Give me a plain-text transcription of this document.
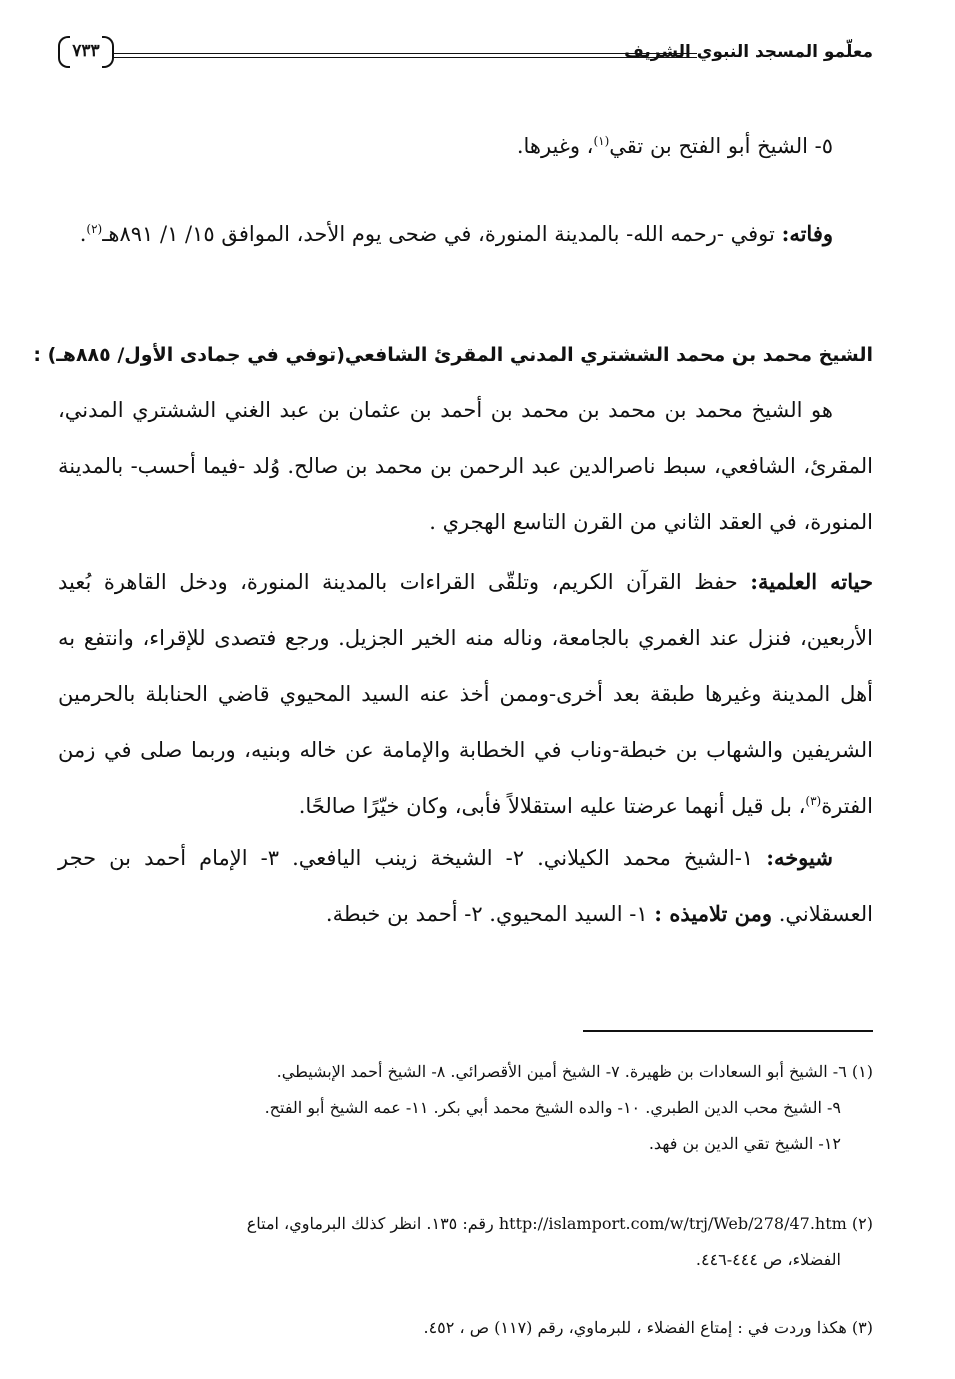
معلّمو المسجد النبوي الشريف
٧٣٣
٥- الشيخ أبو الفتح بن تقي$^{(١)}$، وغيرها.
وفاته: توفي -رحمه الله- بالمدينة المنورة، في ضحى يوم الأحد، الموافق ١٥/ ١/ ٨٩١هـ$^{(٢)}$.
الشيخ محمد بن محمد الششتري المدني المقرئ الشافعي(توفي في جمادى الأول/ ٨٨٥هـ) :
هو الشيخ محمد بن محمد بن محمد بن أحمد بن عثمان بن عبد الغني الششتري المدني، المقرئ، الشافعي، سبط ناصرالدين عبد الرحمن بن محمد بن صالح. وُلد -فيما أحسب- بالمدينة المنورة، في العقد الثاني من القرن التاسع الهجري .
حياته العلمية: حفظ القرآن الكريم، وتلقّى القراءات بالمدينة المنورة، ودخل القاهرة بُعيد الأربعين، فنزل عند الغمري بالجامعة، وناله منه الخير الجزيل. ورجع فتصدى للإقراء، وانتفع به أهل المدينة وغيرها طبقة بعد أخرى-وممن أخذ عنه السيد المحيوي قاضي الحنابلة بالحرمين الشريفين والشهاب بن خبطة-وناب في الخطابة والإمامة عن خاله وبنيه، وربما صلى في زمن الفترة$^{(٣)}$، بل قيل أنهما عرضتا عليه استقلالاً فأبى، وكان خيّرًا صالحًا.
شيوخه: ١-الشيخ محمد الكيلاني. ٢- الشيخة زينب اليافعي. ٣- الإمام أحمد بن حجر العسقلاني. ومن تلاميذه : ١- السيد المحيوي. ٢- أحمد بن خبطة.
(١) ٦- الشيخ أبو السعادات بن ظهيرة. ٧- الشيخ أمين الأقصرائي. ٨- الشيخ أحمد الإبشيطي.
٩- الشيخ محب الدين الطبري. ١٠- والده الشيخ محمد أبي بكر. ١١- عمه الشيخ أبو الفتح.
١٢- الشيخ تقي الدين بن فهد.
(٢) http://islamport.com/w/trj/Web/278/47.htm رقم: ١٣٥. انظر كذلك البرماوي، امتاع
الفضلاء، ص ٤٤٤-٤٤٦.
(٣) هكذا وردت في : إمتاع الفضلاء ، للبرماوي، رقم (١١٧) ص ، ٤٥٢.
